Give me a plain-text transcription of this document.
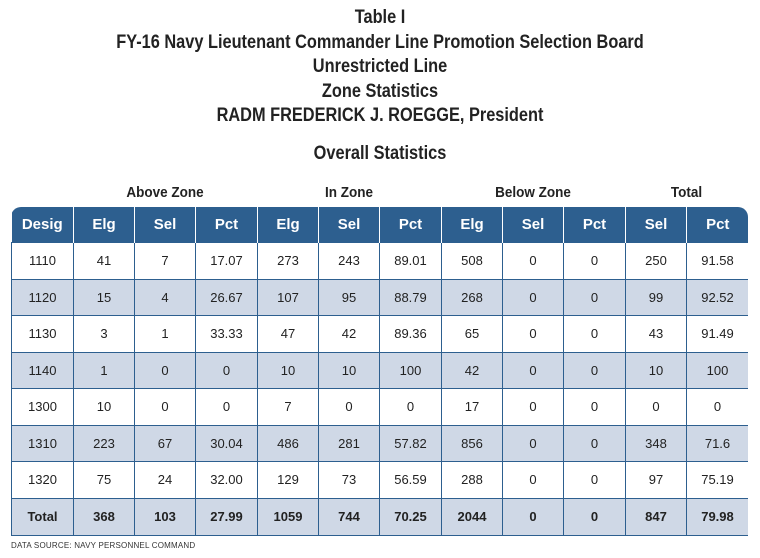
Table I
FY-16 Navy Lieutenant Commander Line Promotion Selection Board
Unrestricted Line
Zone Statistics
RADM FREDERICK J. ROEGGE, President
Overall Statistics
Above Zone	In Zone	Below Zone	Total
Desig	Elg	Sel	Pct	Elg	Sel	Pct	Elg	Sel	Pct	Sel	Pct
1110	41	7	17.07	273	243	89.01	508	0	0	250	91.58
1120	15	4	26.67	107	95	88.79	268	0	0	99	92.52
1130	3	1	33.33	47	42	89.36	65	0	0	43	91.49
1140	1	0	0	10	10	100	42	0	0	10	100
1300	10	0	0	7	0	0	17	0	0	0	0
1310	223	67	30.04	486	281	57.82	856	0	0	348	71.6
1320	75	24	32.00	129	73	56.59	288	0	0	97	75.19
Total	368	103	27.99	1059	744	70.25	2044	0	0	847	79.98
DATA SOURCE: NAVY PERSONNEL COMMAND
